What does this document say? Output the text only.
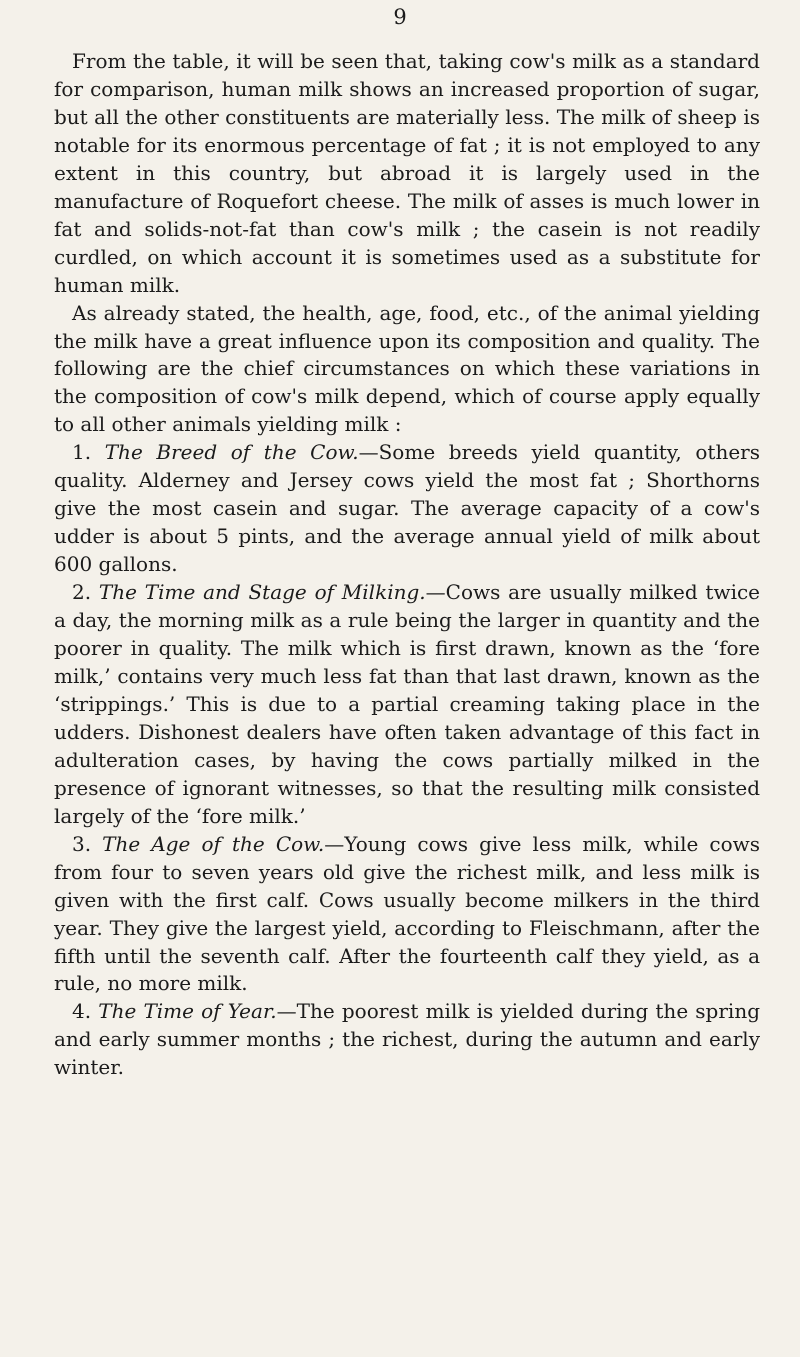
9

From the table, it will be seen that, taking cow's milk as a standard for comparison, human milk shows an increased proportion of sugar, but all the other constituents are materially less. The milk of sheep is notable for its enormous percentage of fat ; it is not employed to any extent in this country, but abroad it is largely used in the manufacture of Roquefort cheese. The milk of asses is much lower in fat and solids-not-fat than cow's milk ; the casein is not readily curdled, on which account it is sometimes used as a substitute for human milk.

As already stated, the health, age, food, etc., of the animal yielding the milk have a great influence upon its composition and quality. The following are the chief circumstances on which these variations in the composition of cow's milk depend, which of course apply equally to all other animals yielding milk :

1. The Breed of the Cow.—Some breeds yield quantity, others quality. Alderney and Jersey cows yield the most fat ; Shorthorns give the most casein and sugar. The average capacity of a cow's udder is about 5 pints, and the average annual yield of milk about 600 gallons.

2. The Time and Stage of Milking.—Cows are usually milked twice a day, the morning milk as a rule being the larger in quantity and the poorer in quality. The milk which is first drawn, known as the ‘fore milk,’ contains very much less fat than that last drawn, known as the ‘strippings.’ This is due to a partial creaming taking place in the udders. Dishonest dealers have often taken advantage of this fact in adulteration cases, by having the cows partially milked in the presence of ignorant witnesses, so that the resulting milk consisted largely of the ‘fore milk.’

3. The Age of the Cow.—Young cows give less milk, while cows from four to seven years old give the richest milk, and less milk is given with the first calf. Cows usually become milkers in the third year. They give the largest yield, according to Fleischmann, after the fifth until the seventh calf. After the fourteenth calf they yield, as a rule, no more milk.

4. The Time of Year.—The poorest milk is yielded during the spring and early summer months ; the richest, during the autumn and early winter.
